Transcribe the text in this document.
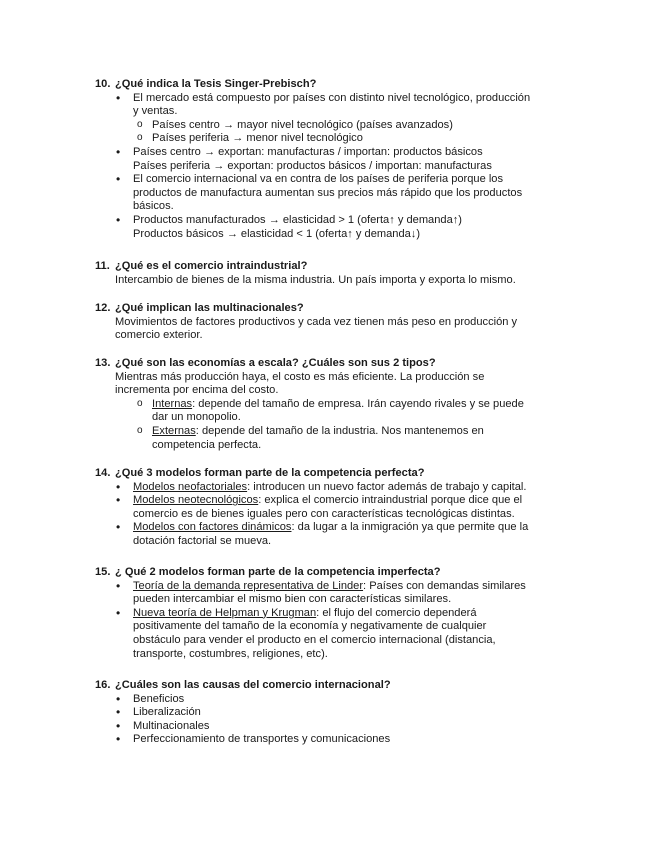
10. ¿Qué indica la Tesis Singer-Prebisch?
• El mercado está compuesto por países con distinto nivel tecnológico, producción
y ventas.
o Países centro → mayor nivel tecnológico (países avanzados)
o Países periferia → menor nivel tecnológico
• Países centro → exportan: manufacturas / importan: productos básicos
Países periferia → exportan: productos básicos / importan: manufacturas
• El comercio internacional va en contra de los países de periferia porque los
productos de manufactura aumentan sus precios más rápido que los productos
básicos.
• Productos manufacturados → elasticidad > 1 (oferta↑ y demanda↑)
Productos básicos → elasticidad < 1 (oferta↑ y demanda↓)
11. ¿Qué es el comercio intraindustrial?
Intercambio de bienes de la misma industria. Un país importa y exporta lo mismo.
12. ¿Qué implican las multinacionales?
Movimientos de factores productivos y cada vez tienen más peso en producción y
comercio exterior.
13. ¿Qué son las economías a escala? ¿Cuáles son sus 2 tipos?
Mientras más producción haya, el costo es más eficiente. La producción se
incrementa por encima del costo.
o Internas: depende del tamaño de empresa. Irán cayendo rivales y se puede
dar un monopolio.
o Externas: depende del tamaño de la industria. Nos mantenemos en
competencia perfecta.
14. ¿Qué 3 modelos forman parte de la competencia perfecta?
• Modelos neofactoriales: introducen un nuevo factor además de trabajo y capital.
• Modelos neotecnológicos: explica el comercio intraindustrial porque dice que el
comercio es de bienes iguales pero con características tecnológicas distintas.
• Modelos con factores dinámicos: da lugar a la inmigración ya que permite que la
dotación factorial se mueva.
15. ¿ Qué 2 modelos forman parte de la competencia imperfecta?
• Teoría de la demanda representativa de Linder: Países con demandas similares
pueden intercambiar el mismo bien con características similares.
• Nueva teoría de Helpman y Krugman: el flujo del comercio dependerá
positivamente del tamaño de la economía y negativamente de cualquier
obstáculo para vender el producto en el comercio internacional (distancia,
transporte, costumbres, religiones, etc).
16. ¿Cuáles son las causas del comercio internacional?
• Beneficios
• Liberalización
• Multinacionales
• Perfeccionamiento de transportes y comunicaciones
